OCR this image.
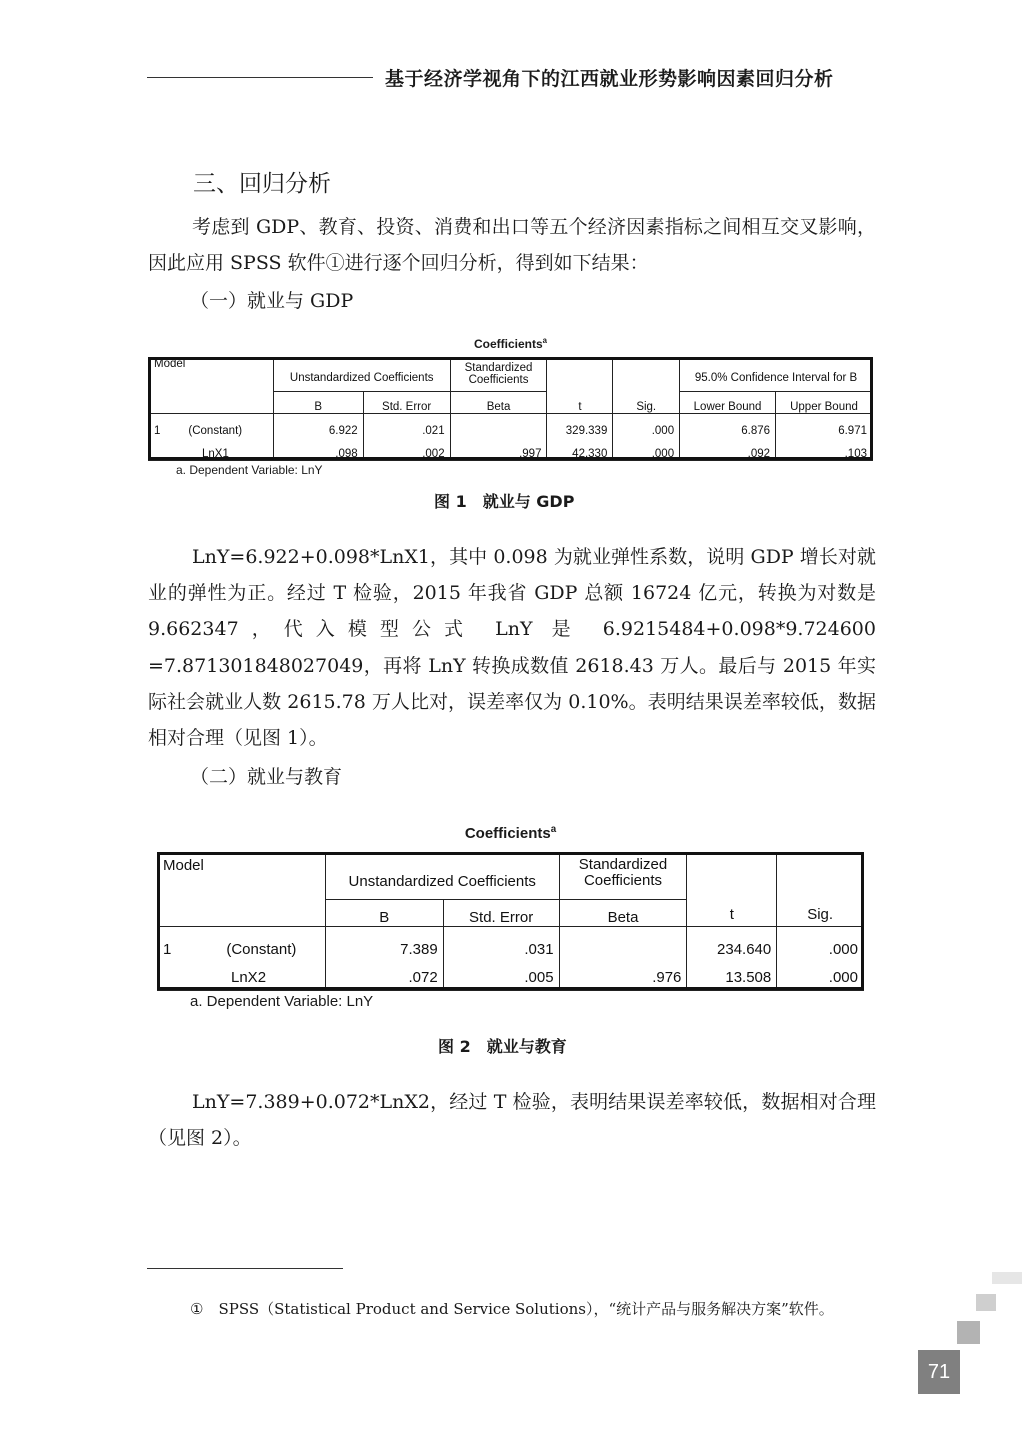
基于经济学视角下的江西就业形势影响因素回归分析
三、回归分析

考虑到 GDP、教育、投资、消费和出口等五个经济因素指标之间相互交叉影响，因此应用 SPSS 软件①进行逐个回归分析，得到如下结果：

（一）就业与 GDP
Coefficients$^a$
Model	Unstandardized Coefficients		Standardized Coefficients	t	Sig.	95.0% Confidence Interval for B	
	B	Std. Error	Beta			Lower Bound	Upper Bound
1 (Constant)	6.922	.021		329.339	.000	6.876	6.971
LnX1	.098	.002	.997	42.330	.000	.092	.103
a. Dependent Variable: LnY
图 1　就业与 GDP

LnY=6.922+0.098*LnX1，其中 0.098 为就业弹性系数，说明 GDP 增长对就业的弹性为正。经过 T 检验，2015 年我省 GDP 总额 16724 亿元，转换为对数是 9.662347，代入模型公式 LnY 是 6.9215484+0.098*9.724600 =7.871301848027049，再将 LnY 转换成数值 2618.43 万人。最后与 2015 年实际社会就业人数 2615.78 万人比对，误差率仅为 0.10%。表明结果误差率较低，数据相对合理（见图 1）。

（二）就业与教育
Coefficients$^a$
Model	Unstandardized Coefficients		Standardized Coefficients	t	Sig.
	B	Std. Error	Beta		
1 (Constant)	7.389	.031		234.640	.000
LnX2	.072	.005	.976	13.508	.000
a. Dependent Variable: LnY
图 2　就业与教育

LnY=7.389+0.072*LnX2，经过 T 检验，表明结果误差率较低，数据相对合理（见图 2）。

①　SPSS（Statistical Product and Service Solutions），“统计产品与服务解决方案”软件。
71
